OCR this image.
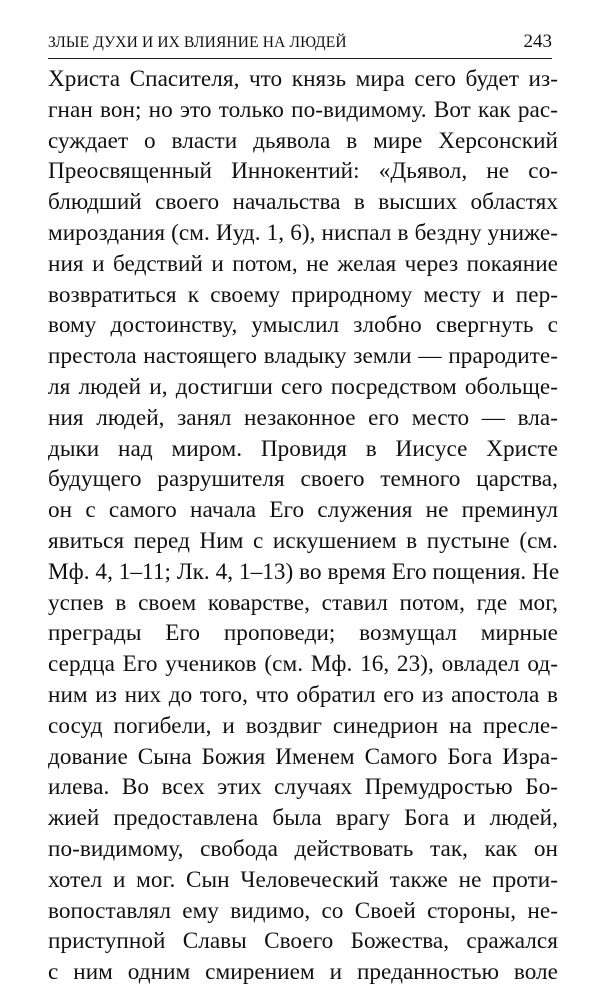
ЗЛЫЕ ДУХИ И ИХ ВЛИЯНИЕ НА ЛЮДЕЙ	243
Христа Спасителя, что князь мира сего будет из-
гнан вон; но это только по-видимому. Вот как рас-
суждает о власти дьявола в мире Херсонский
Преосвященный Иннокентий: «Дьявол, не со-
блюдший своего начальства в высших областях
мироздания (см. Иуд. 1, 6), ниспал в бездну униже-
ния и бедствий и потом, не желая через покаяние
возвратиться к своему природному месту и пер-
вому достоинству, умыслил злобно свергнуть с
престола настоящего владыку земли — прародите-
ля людей и, достигши сего посредством обольще-
ния людей, занял незаконное его место — вла-
дыки над миром. Провидя в Иисусе Христе
будущего разрушителя своего темного царства,
он с самого начала Его служения не преминул
явиться перед Ним с искушением в пустыне (см.
Мф. 4, 1–11; Лк. 4, 1–13) во время Его пощения. Не
успев в своем коварстве, ставил потом, где мог,
преграды Его проповеди; возмущал мирные
сердца Его учеников (см. Мф. 16, 23), овладел од-
ним из них до того, что обратил его из апостола в
сосуд погибели, и воздвиг синедрион на пресле-
дование Сына Божия Именем Самого Бога Изра-
илева. Во всех этих случаях Премудростью Бо-
жией предоставлена была врагу Бога и людей,
по-видимому, свобода действовать так, как он
хотел и мог. Сын Человеческий также не проти-
вопоставлял ему видимо, со Своей стороны, не-
приступной Славы Своего Божества, сражался
с ним одним смирением и преданностью воле
